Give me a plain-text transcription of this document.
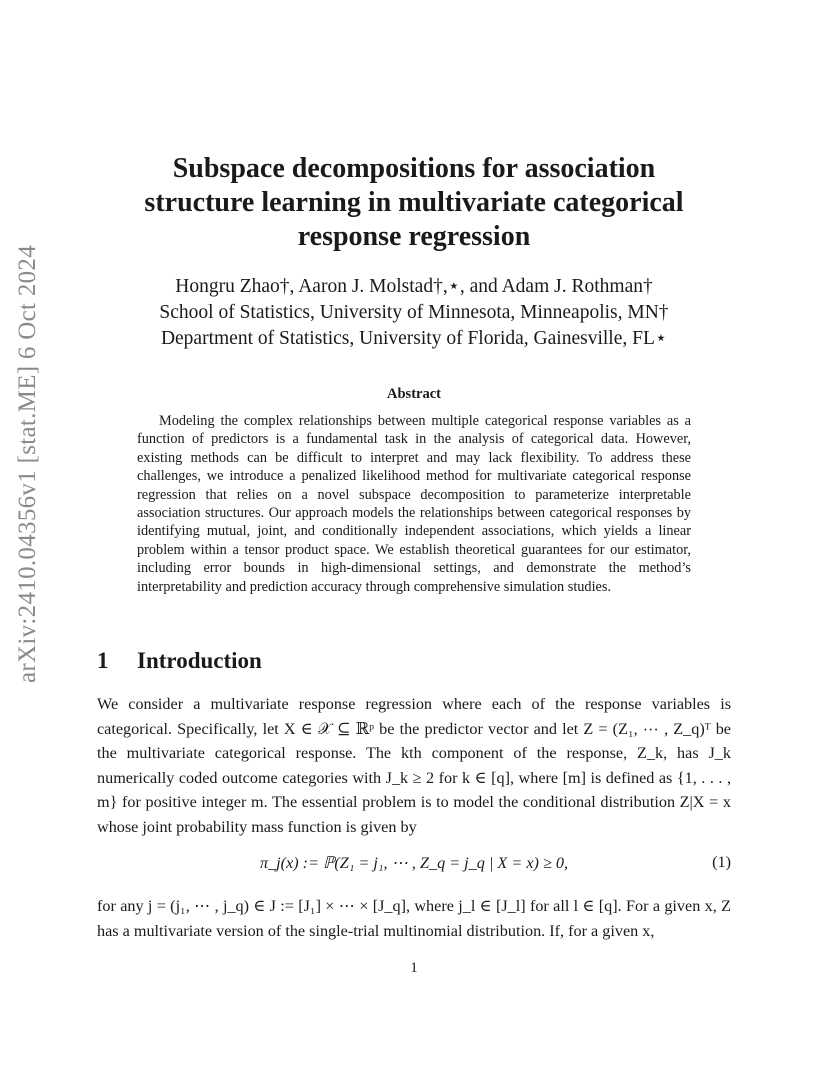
arXiv:2410.04356v1 [stat.ME] 6 Oct 2024
Subspace decompositions for association
structure learning in multivariate categorical
response regression
Hongru Zhao†, Aaron J. Molstad†,⋆, and Adam J. Rothman†
School of Statistics, University of Minnesota, Minneapolis, MN†
Department of Statistics, University of Florida, Gainesville, FL⋆
Abstract

Modeling the complex relationships between multiple categorical response variables as a function of predictors is a fundamental task in the analysis of categorical data. However, existing methods can be difficult to interpret and may lack flexibility. To address these challenges, we introduce a penalized likelihood method for multivariate categorical response regression that relies on a novel subspace decomposition to parameterize interpretable association structures. Our approach models the relationships between categorical responses by identifying mutual, joint, and conditionally independent associations, which yields a linear problem within a tensor product space. We establish theoretical guarantees for our estimator, including error bounds in high-dimensional settings, and demonstrate the method’s interpretability and prediction accuracy through comprehensive simulation studies.

1 Introduction

We consider a multivariate response regression where each of the response variables is categorical. Specifically, let X ∈ 𝒳 ⊆ ℝᵖ be the predictor vector and let Z = (Z₁, ⋯ , Z_q)ᵀ be the multivariate categorical response. The kth component of the response, Z_k, has J_k numerically coded outcome categories with J_k ≥ 2 for k ∈ [q], where [m] is defined as {1, . . . , m} for positive integer m. The essential problem is to model the conditional distribution Z|X = x whose joint probability mass function is given by

π_j(x) := ℙ(Z₁ = j₁, ⋯ , Z_q = j_q | X = x) ≥ 0,	(1)

for any j = (j₁, ⋯ , j_q) ∈ J := [J₁] × ⋯ × [J_q], where j_l ∈ [J_l] for all l ∈ [q]. For a given x, Z has a multivariate version of the single-trial multinomial distribution. If, for a given x,

1
